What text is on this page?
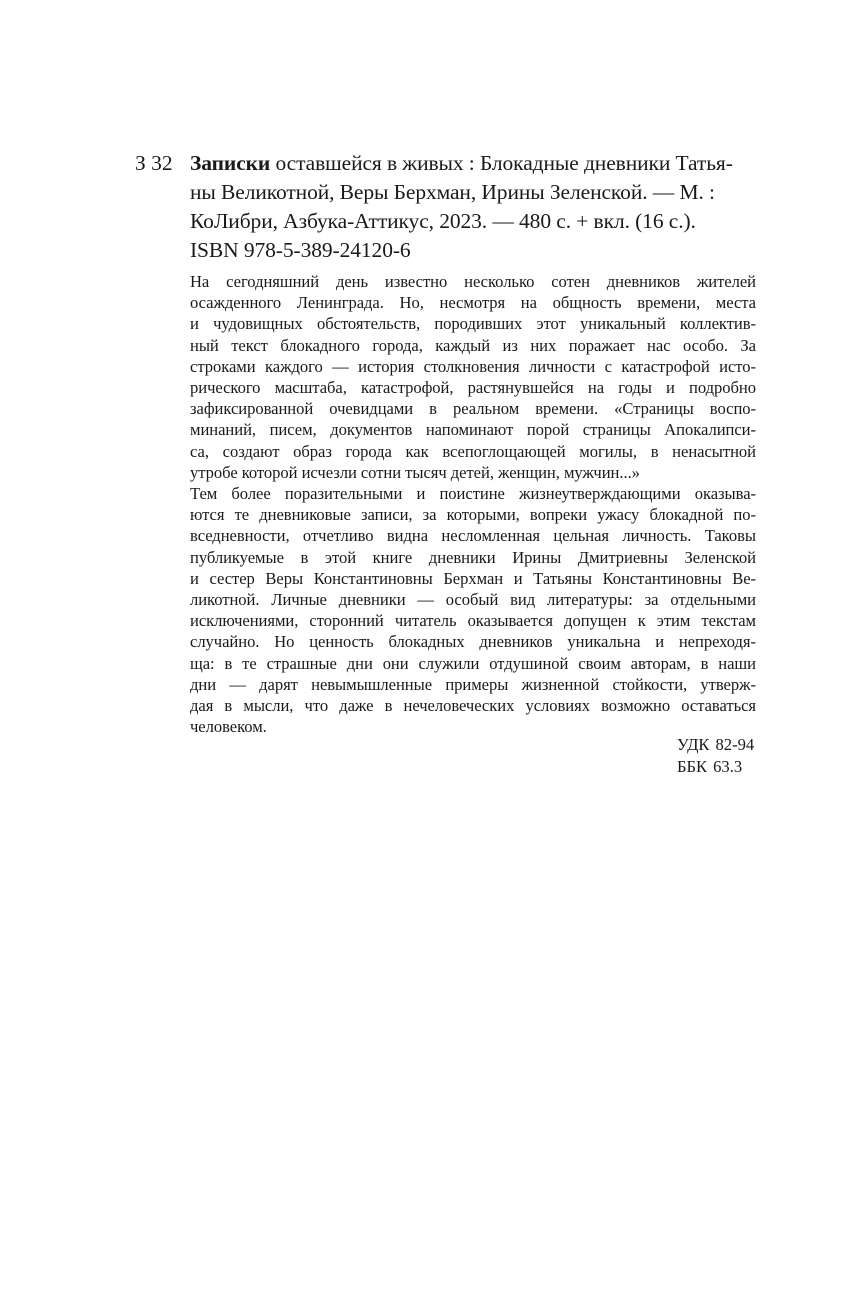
З 32 Записки оставшейся в живых : Блокадные дневники Татья-
ны Великотной, Веры Берхман, Ирины Зеленской. — М. :
КоЛибри, Азбука-Аттикус, 2023. — 480 с. + вкл. (16 с.).
ISBN 978-5-389-24120-6
На сегодняшний день известно несколько сотен дневников жителей
осажденного Ленинграда. Но, несмотря на общность времени, места
и чудовищных обстоятельств, породивших этот уникальный коллектив-
ный текст блокадного города, каждый из них поражает нас особо. За
строками каждого — история столкновения личности с катастрофой исто-
рического масштаба, катастрофой, растянувшейся на годы и подробно
зафиксированной очевидцами в реальном времени. «Страницы воспо-
минаний, писем, документов напоминают порой страницы Апокалипси-
са, создают образ города как всепоглощающей могилы, в ненасытной
утробе которой исчезли сотни тысяч детей, женщин, мужчин...»
Тем более поразительными и поистине жизнеутверждающими оказыва-
ются те дневниковые записи, за которыми, вопреки ужасу блокадной по-
вседневности, отчетливо видна несломленная цельная личность. Таковы
публикуемые в этой книге дневники Ирины Дмитриевны Зеленской
и сестер Веры Константиновны Берхман и Татьяны Константиновны Ве-
ликотной. Личные дневники — особый вид литературы: за отдельными
исключениями, сторонний читатель оказывается допущен к этим текстам
случайно. Но ценность блокадных дневников уникальна и непреходя-
ща: в те страшные дни они служили отдушиной своим авторам, в наши
дни — дарят невымышленные примеры жизненной стойкости, утверж-
дая в мысли, что даже в нечеловеческих условиях возможно оставаться
человеком.
УДК 82-94
ББК 63.3
